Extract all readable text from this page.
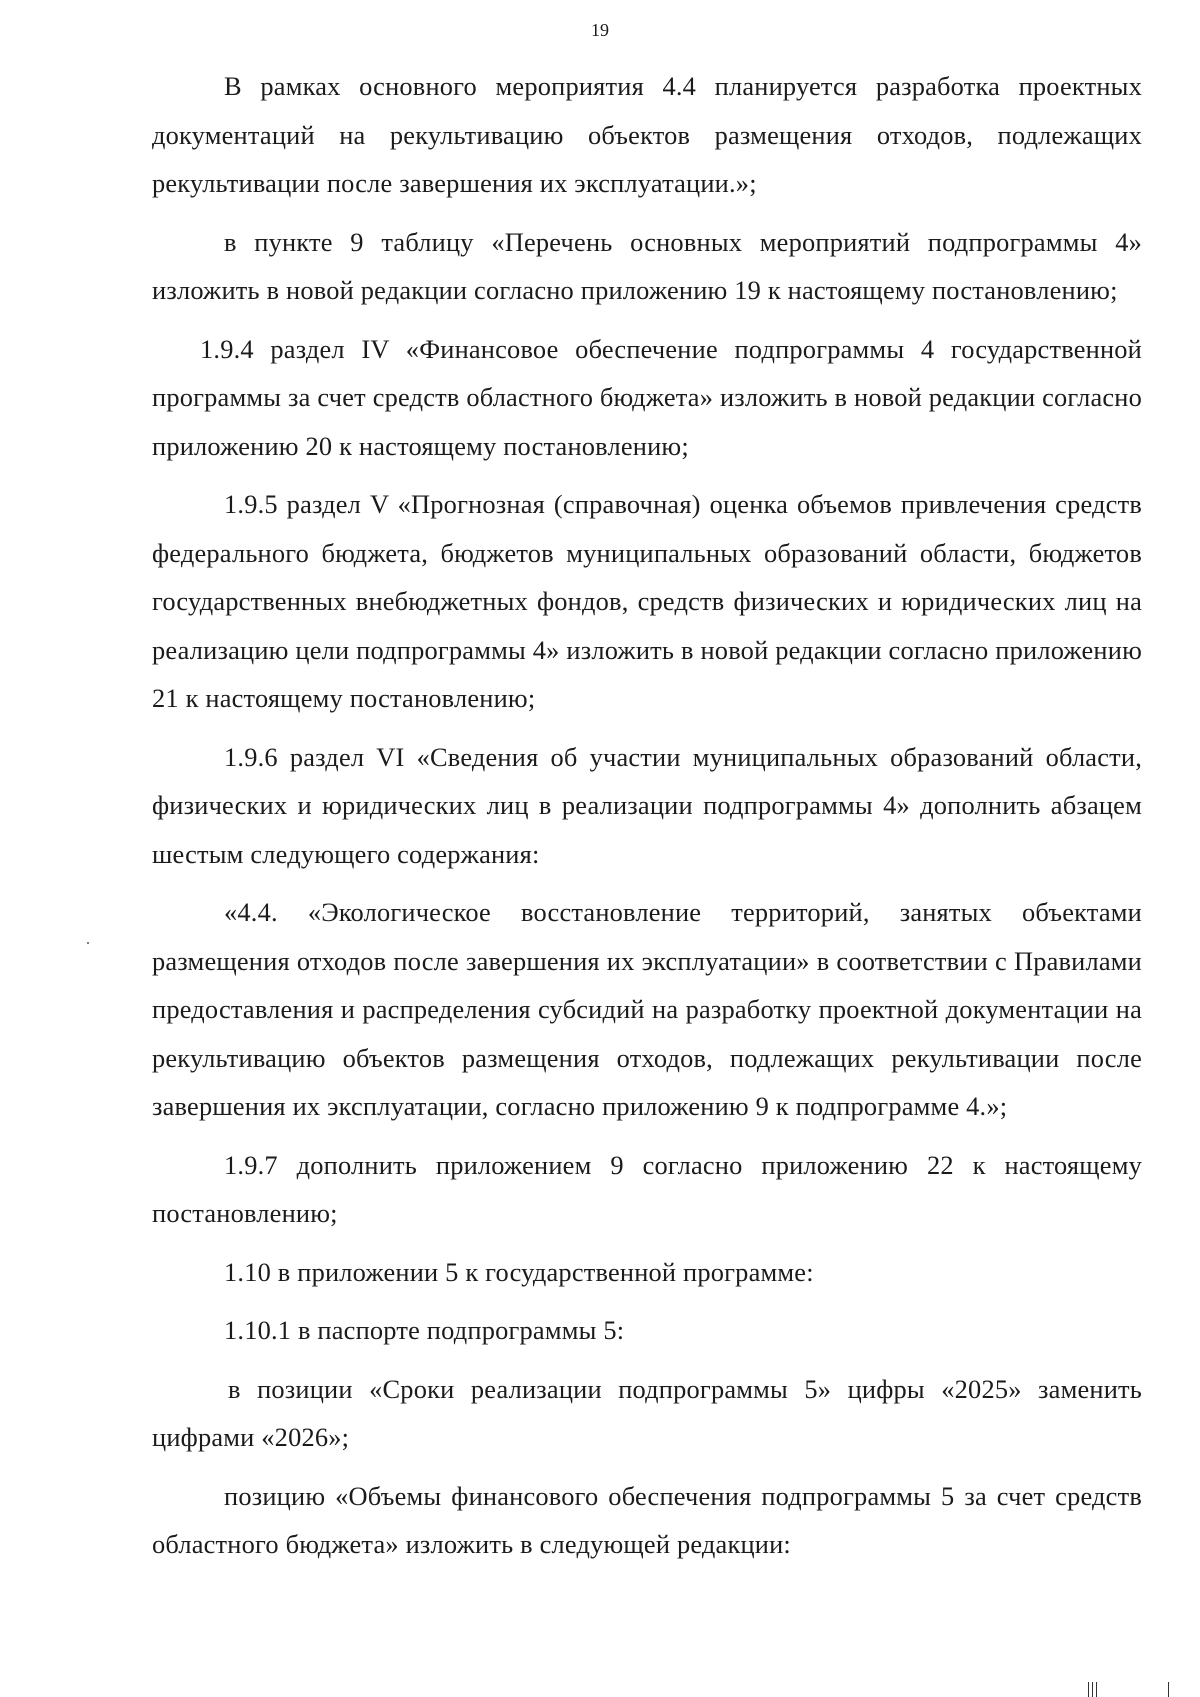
19

В рамках основного мероприятия 4.4 планируется разработка проектных документаций на рекультивацию объектов размещения отходов, подлежащих рекультивации после завершения их эксплуатации.»;

в пункте 9 таблицу «Перечень основных мероприятий подпрограммы 4» изложить в новой редакции согласно приложению 19 к настоящему постановлению;

1.9.4 раздел IV «Финансовое обеспечение подпрограммы 4 государственной программы за счет средств областного бюджета» изложить в новой редакции согласно приложению 20 к настоящему постановлению;

1.9.5 раздел V «Прогнозная (справочная) оценка объемов привлечения средств федерального бюджета, бюджетов муниципальных образований области, бюджетов государственных внебюджетных фондов, средств физических и юридических лиц на реализацию цели подпрограммы 4» изложить в новой редакции согласно приложению 21 к настоящему постановлению;

1.9.6 раздел VI «Сведения об участии муниципальных образований области, физических и юридических лиц в реализации подпрограммы 4» дополнить абзацем шестым следующего содержания:

«4.4. «Экологическое восстановление территорий, занятых объектами размещения отходов после завершения их эксплуатации» в соответствии с Правилами предоставления и распределения субсидий на разработку проектной документации на рекультивацию объектов размещения отходов, подлежащих рекультивации после завершения их эксплуатации, согласно приложению 9 к подпрограмме 4.»;

1.9.7 дополнить приложением 9 согласно приложению 22 к настоящему постановлению;

1.10 в приложении 5 к государственной программе:

1.10.1 в паспорте подпрограммы 5:

в позиции «Сроки реализации подпрограммы 5» цифры «2025» заменить цифрами «2026»;

позицию «Объемы финансового обеспечения подпрограммы 5 за счет средств областного бюджета» изложить в следующей редакции:
